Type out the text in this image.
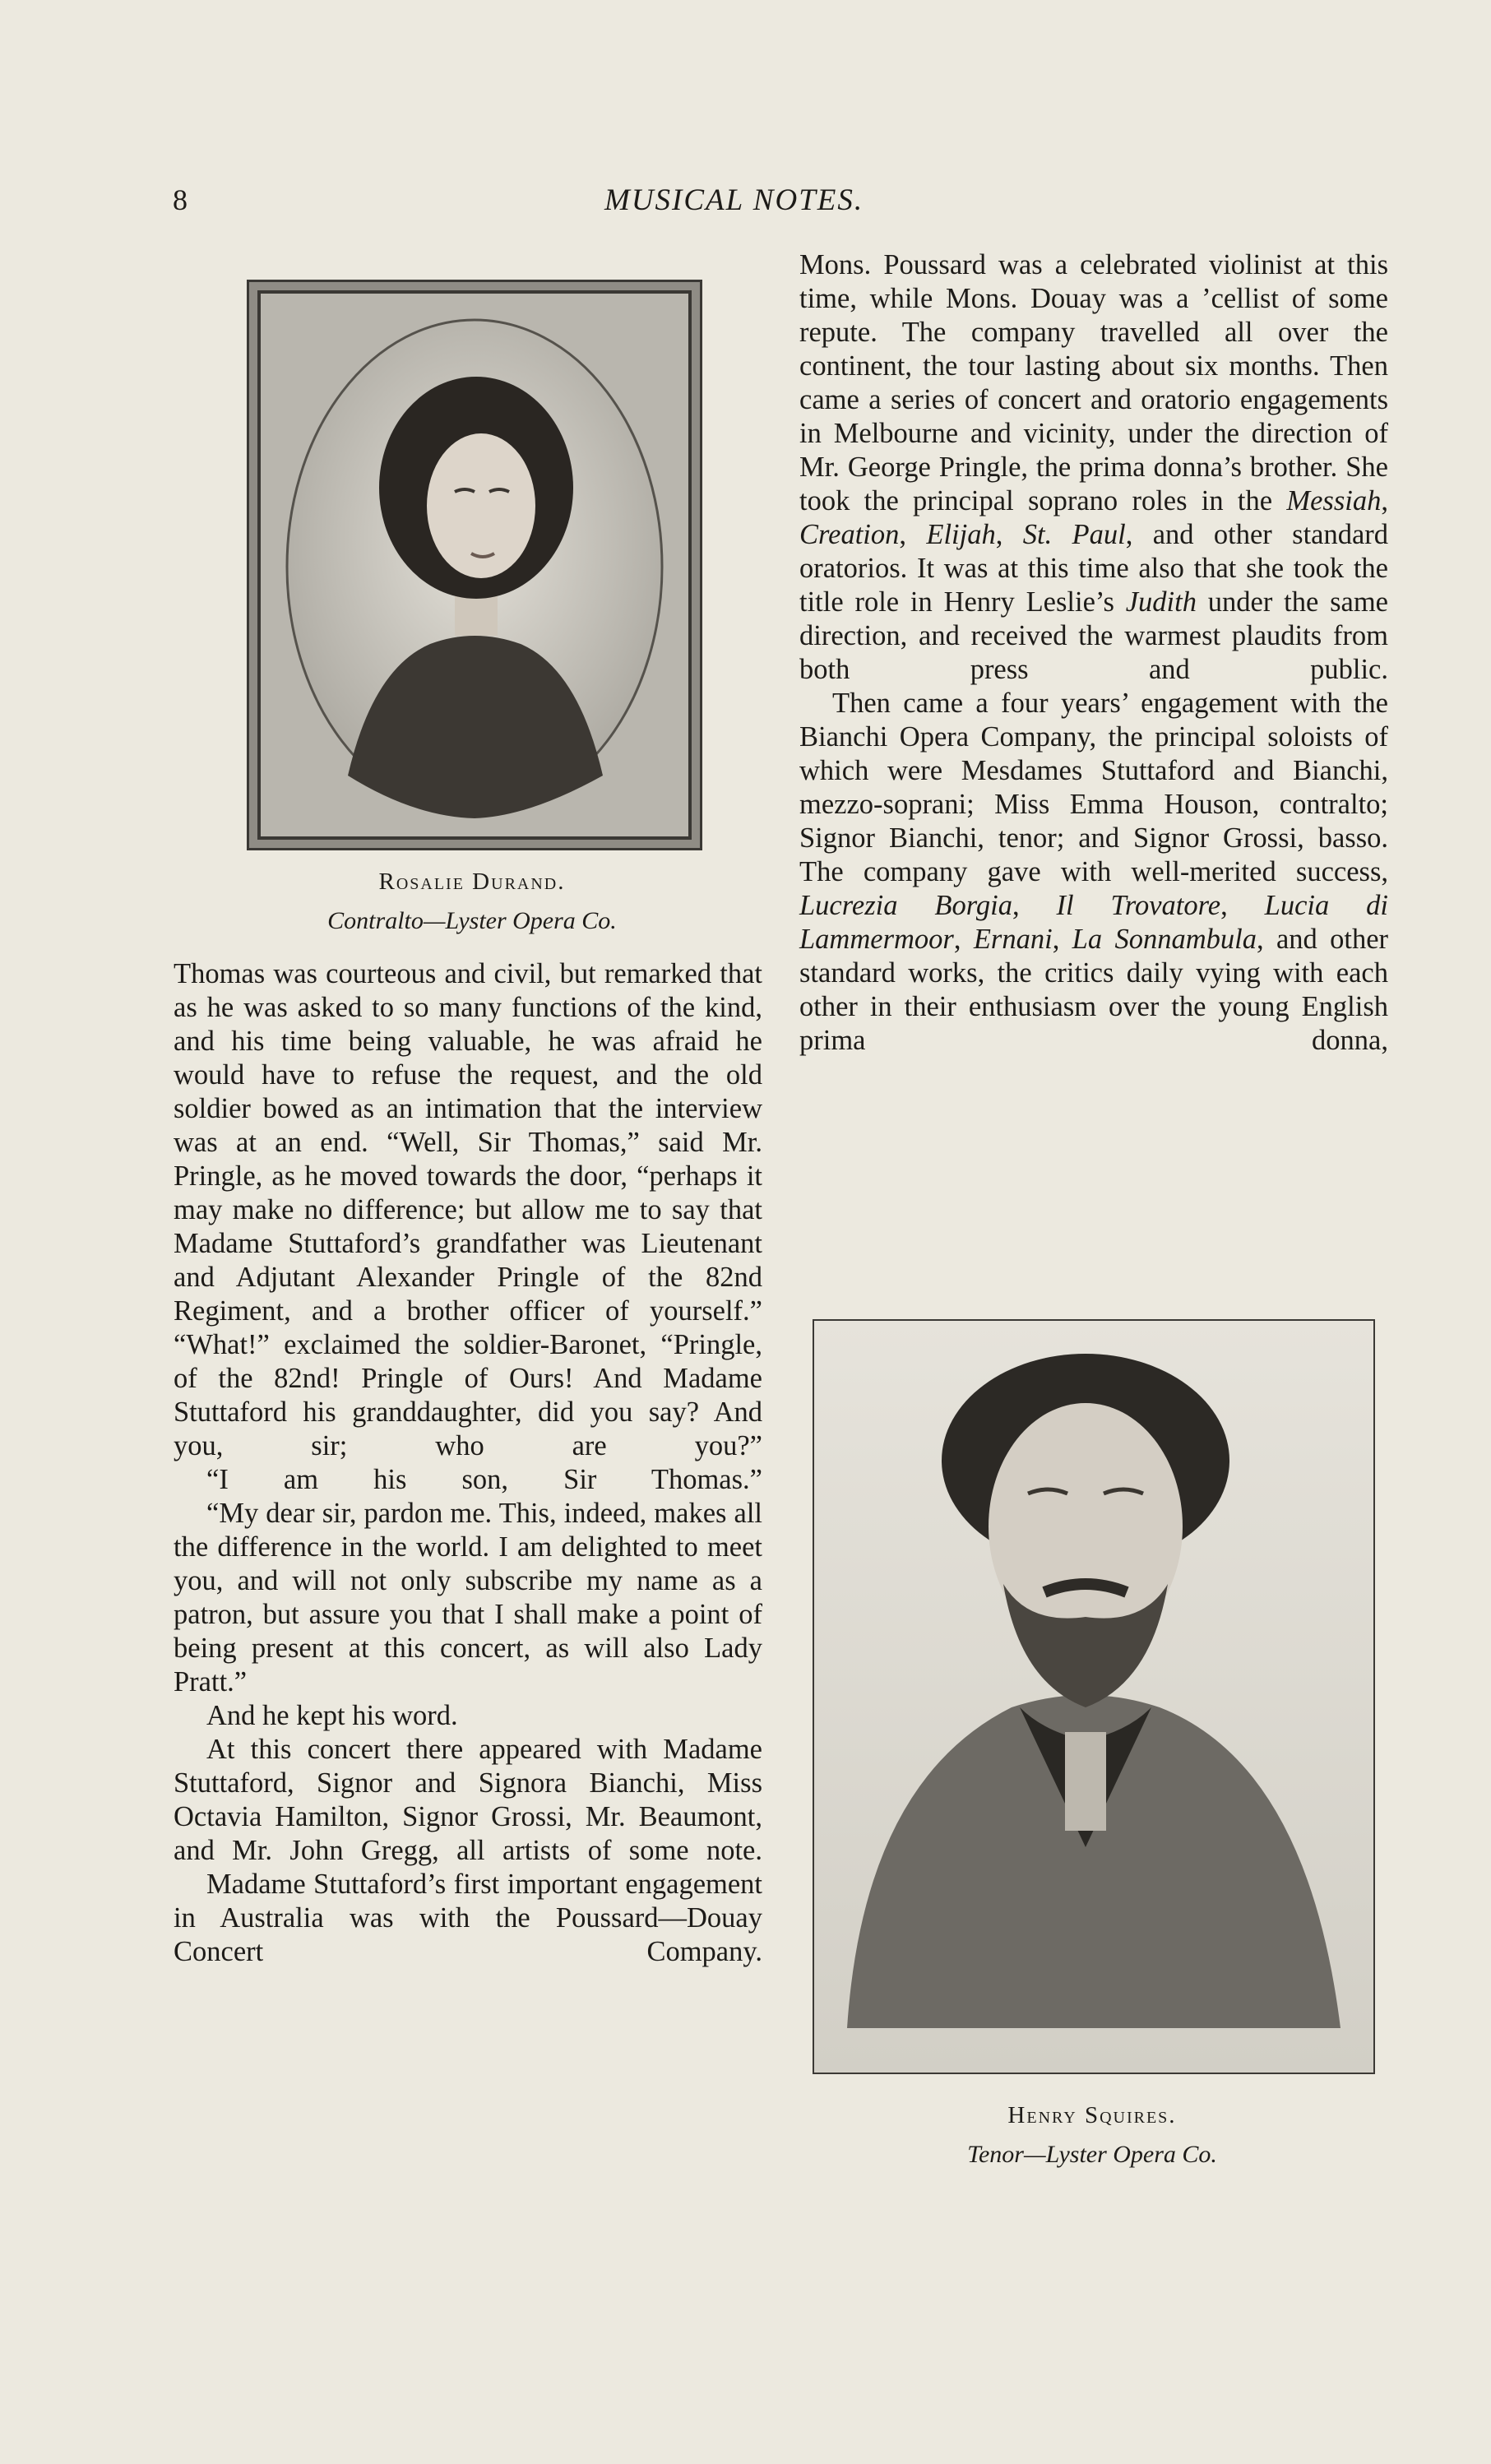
8	MUSICAL NOTES.
Rosalie Durand.
Contralto—Lyster Opera Co.

Thomas was courteous and civil, but remarked that as he was asked to so many functions of the kind, and his time being valuable, he was afraid he would have to refuse the request, and the old soldier bowed as an intimation that the interview was at an end. “Well, Sir Thomas,” said Mr. Pringle, as he moved towards the door, “perhaps it may make no difference; but allow me to say that Madame Stuttaford’s grandfather was Lieutenant and Adjutant Alexander Pringle of the 82nd Regiment, and a brother officer of yourself.” “What!” exclaimed the soldier-Baronet, “Pringle, of the 82nd! Pringle of Ours! And Madame Stuttaford his granddaughter, did you say? And you, sir; who are you?”

“I am his son, Sir Thomas.”

“My dear sir, pardon me. This, indeed, makes all the difference in the world. I am delighted to meet you, and will not only subscribe my name as a patron, but assure you that I shall make a point of being present at this concert, as will also Lady Pratt.”

And he kept his word.

At this concert there appeared with Madame Stuttaford, Signor and Signora Bianchi, Miss Octavia Hamilton, Signor Grossi, Mr. Beaumont, and Mr. John Gregg, all artists of some note.

Madame Stuttaford’s first important engagement in Australia was with the Poussard—Douay Concert Company.

Mons. Poussard was a celebrated violinist at this time, while Mons. Douay was a ’cellist of some repute. The company travelled all over the continent, the tour lasting about six months. Then came a series of concert and oratorio engagements in Melbourne and vicinity, under the direction of Mr. George Pringle, the prima donna’s brother. She took the principal soprano roles in the Messiah, Creation, Elijah, St. Paul, and other standard oratorios. It was at this time also that she took the title role in Henry Leslie’s Judith under the same direction, and received the warmest plaudits from both press and public.

Then came a four years’ engagement with the Bianchi Opera Company, the principal soloists of which were Mesdames Stuttaford and Bianchi, mezzo-soprani; Miss Emma Houson, contralto; Signor Bianchi, tenor; and Signor Grossi, basso. The company gave with well-merited success, Lucrezia Borgia, Il Trovatore, Lucia di Lammermoor, Ernani, La Sonnambula, and other standard works, the critics daily vying with each other in their enthusiasm over the young English prima donna,

Henry Squires.
Tenor—Lyster Opera Co.
